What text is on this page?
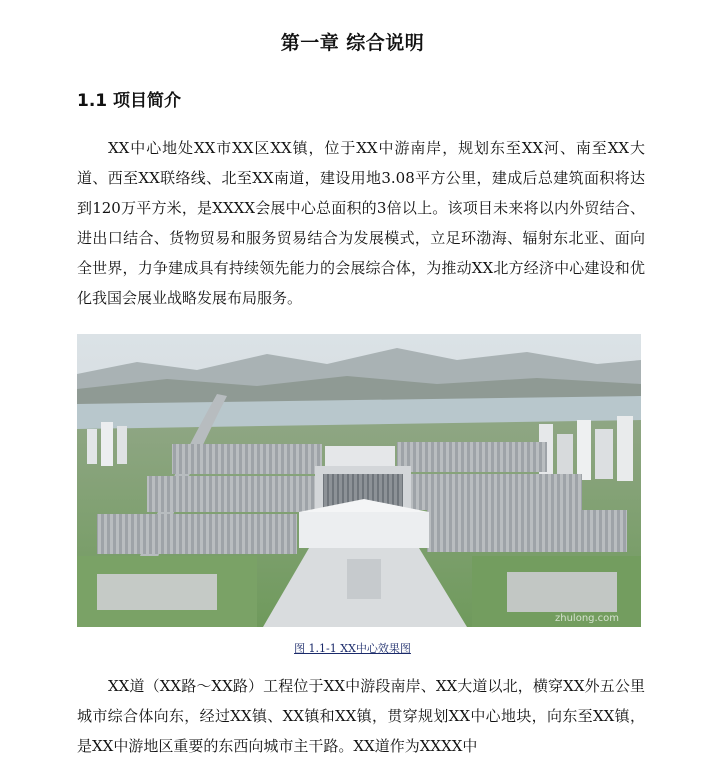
第一章 综合说明
1.1 项目简介

XX中心地处XX市XX区XX镇，位于XX中游南岸，规划东至XX河、南至XX大道、西至XX联络线、北至XX南道，建设用地3.08平方公里，建成后总建筑面积将达到120万平方米，是XXXX会展中心总面积的3倍以上。该项目未来将以内外贸结合、进出口结合、货物贸易和服务贸易结合为发展模式，立足环渤海、辐射东北亚、面向全世界，力争建成具有持续领先能力的会展综合体，为推动XX北方经济中心建设和优化我国会展业战略发展布局服务。

zhulong.com
图 1.1-1 XX中心效果图

XX道（XX路～XX路）工程位于XX中游段南岸、XX大道以北，横穿XX外五公里城市综合体向东，经过XX镇、XX镇和XX镇，贯穿规划XX中心地块，向东至XX镇，是XX中游地区重要的东西向城市主干路。XX道作为XXXX中
